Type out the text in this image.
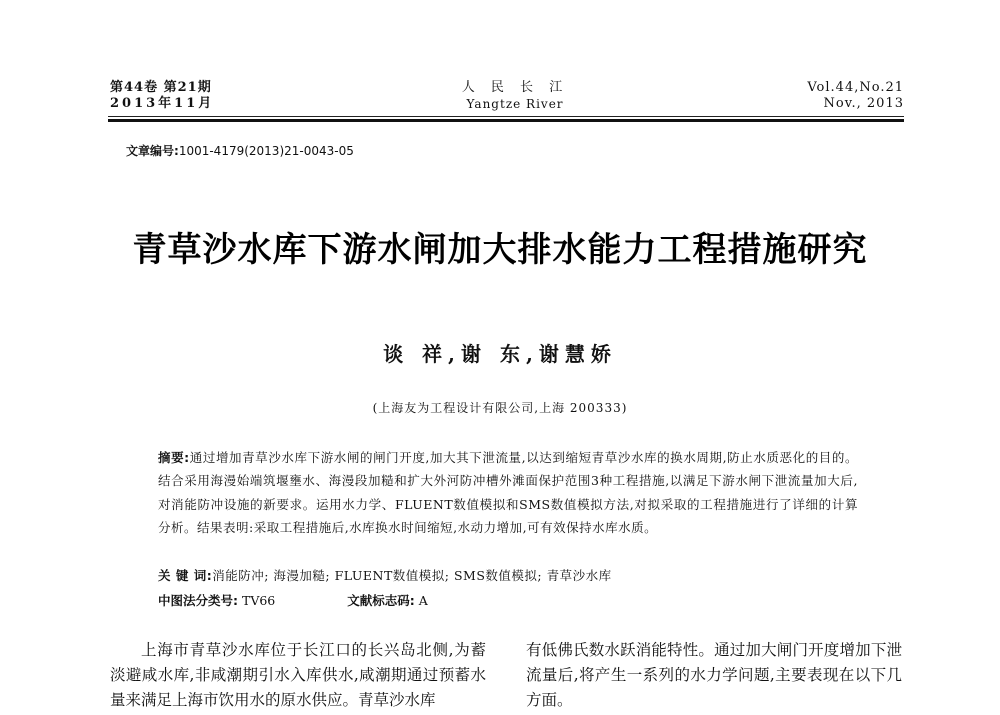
第44卷 第21期
2013年11月
人 民 长 江
Yangtze River
Vol.44,No.21
Nov., 2013
文章编号:1001-4179(2013)21-0043-05
青草沙水库下游水闸加大排水能力工程措施研究
谈 祥,谢 东,谢慧娇
(上海友为工程设计有限公司,上海 200333)
摘要:通过增加青草沙水库下游水闸的闸门开度,加大其下泄流量,以达到缩短青草沙水库的换水周期,防止水质恶化的目的。结合采用海漫始端筑堰壅水、海漫段加糙和扩大外河防冲槽外滩面保护范围3种工程措施,以满足下游水闸下泄流量加大后,对消能防冲设施的新要求。运用水力学、FLUENT数值模拟和SMS数值模拟方法,对拟采取的工程措施进行了详细的计算分析。结果表明:采取工程措施后,水库换水时间缩短,水动力增加,可有效保持水库水质。
关 键 词:消能防冲; 海漫加糙; FLUENT数值模拟; SMS数值模拟; 青草沙水库
中图法分类号: TV66	文献标志码: A
上海市青草沙水库位于长江口的长兴岛北侧,为蓄淡避咸水库,非咸潮期引水入库供水,咸潮期通过预蓄水量来满足上海市饮用水的原水供应。青草沙水库
有低佛氏数水跃消能特性。通过加大闸门开度增加下泄流量后,将产生一系列的水力学问题,主要表现在以下几方面。
